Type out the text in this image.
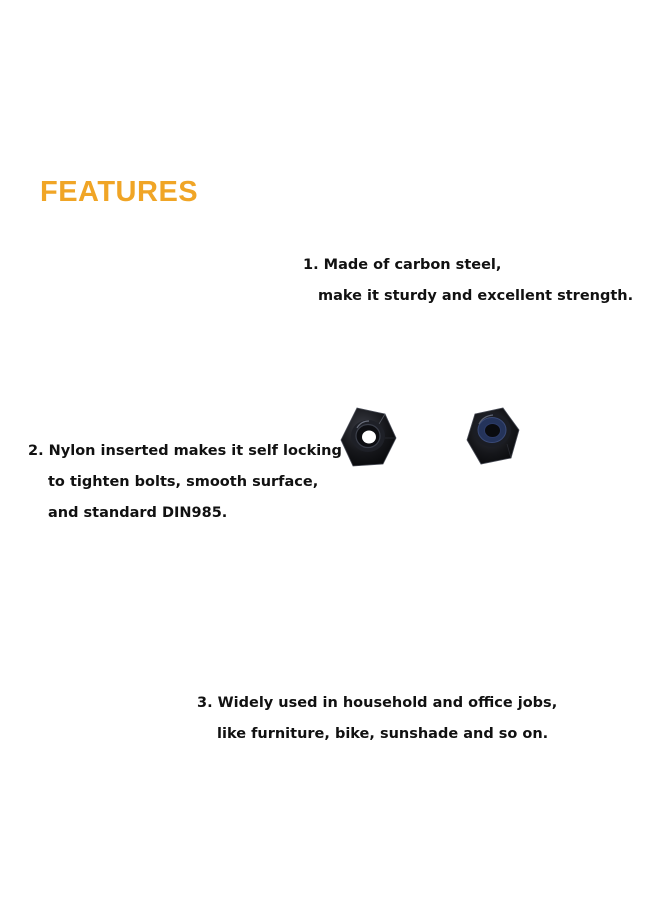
FEATURES
1. Made of carbon steel,
make it sturdy and excellent strength.
2. Nylon inserted makes it self locking
to tighten bolts, smooth surface,
and standard DIN985.
3. Widely used in household and office jobs,
like furniture, bike, sunshade and so on.
